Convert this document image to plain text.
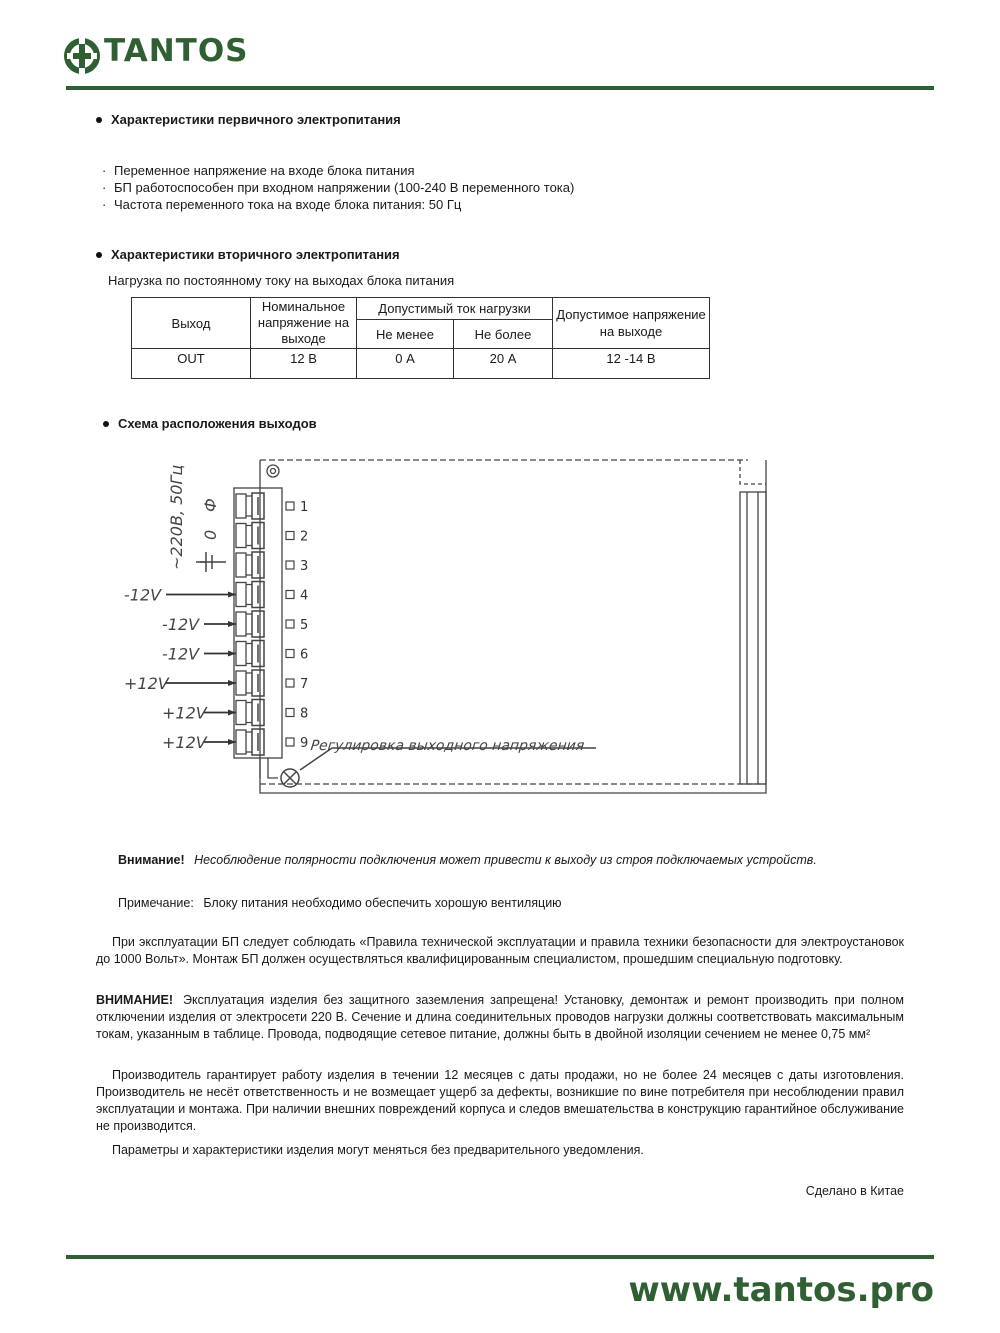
TANTOS
Характеристики первичного электропитания
· Переменное напряжение на входе блока питания
· БП работоспособен при входном напряжении (100-240 В переменного тока)
· Частота переменного тока на входе блока питания: 50 Гц
Характеристики вторичного электропитания
Нагрузка по постоянному току на выходах блока питания
Выход	Номинальное напряжение на выходе	Допустимый ток нагрузки		Допустимое напряжение на выходе
		Не менее	Не более	
OUT	12 В	0 А	20 А	12 -14 В
Схема расположения выходов
Регулировка выходного напряжения
1
2
3
4
5
6
7
8
9
~220В, 50Гц 0
Ф
-12V
-12V
-12V
+12V
+12V
+12V
Внимание! Несоблюдение полярности подключения может привести к выходу из строя подключаемых устройств.
Примечание: Блоку питания необходимо обеспечить хорошую вентиляцию
При эксплуатации БП следует соблюдать «Правила технической эксплуатации и правила техники безопасности для электроустановок до 1000 Вольт». Монтаж БП должен осуществляться квалифицированным специалистом, прошедшим специальную подготовку.
ВНИМАНИЕ! Эксплуатация изделия без защитного заземления запрещена! Установку, демонтаж и ремонт производить при полном отключении изделия от электросети 220 В. Сечение и длина соединительных проводов нагрузки должны соответствовать максимальным токам, указанным в таблице. Провода, подводящие сетевое питание, должны быть в двойной изоляции сечением не менее 0,75 мм²
Производитель гарантирует работу изделия в течении 12 месяцев с даты продажи, но не более 24 месяцев с даты изготовления. Производитель не несёт ответственность и не возмещает ущерб за дефекты, возникшие по вине потребителя при несоблюдении правил эксплуатации и монтажа. При наличии внешних повреждений корпуса и следов вмешательства в конструкцию гарантийное обслуживание не производится.
Параметры и характеристики изделия могут меняться без предварительного уведомления.
Сделано в Китае
www.tantos.pro
